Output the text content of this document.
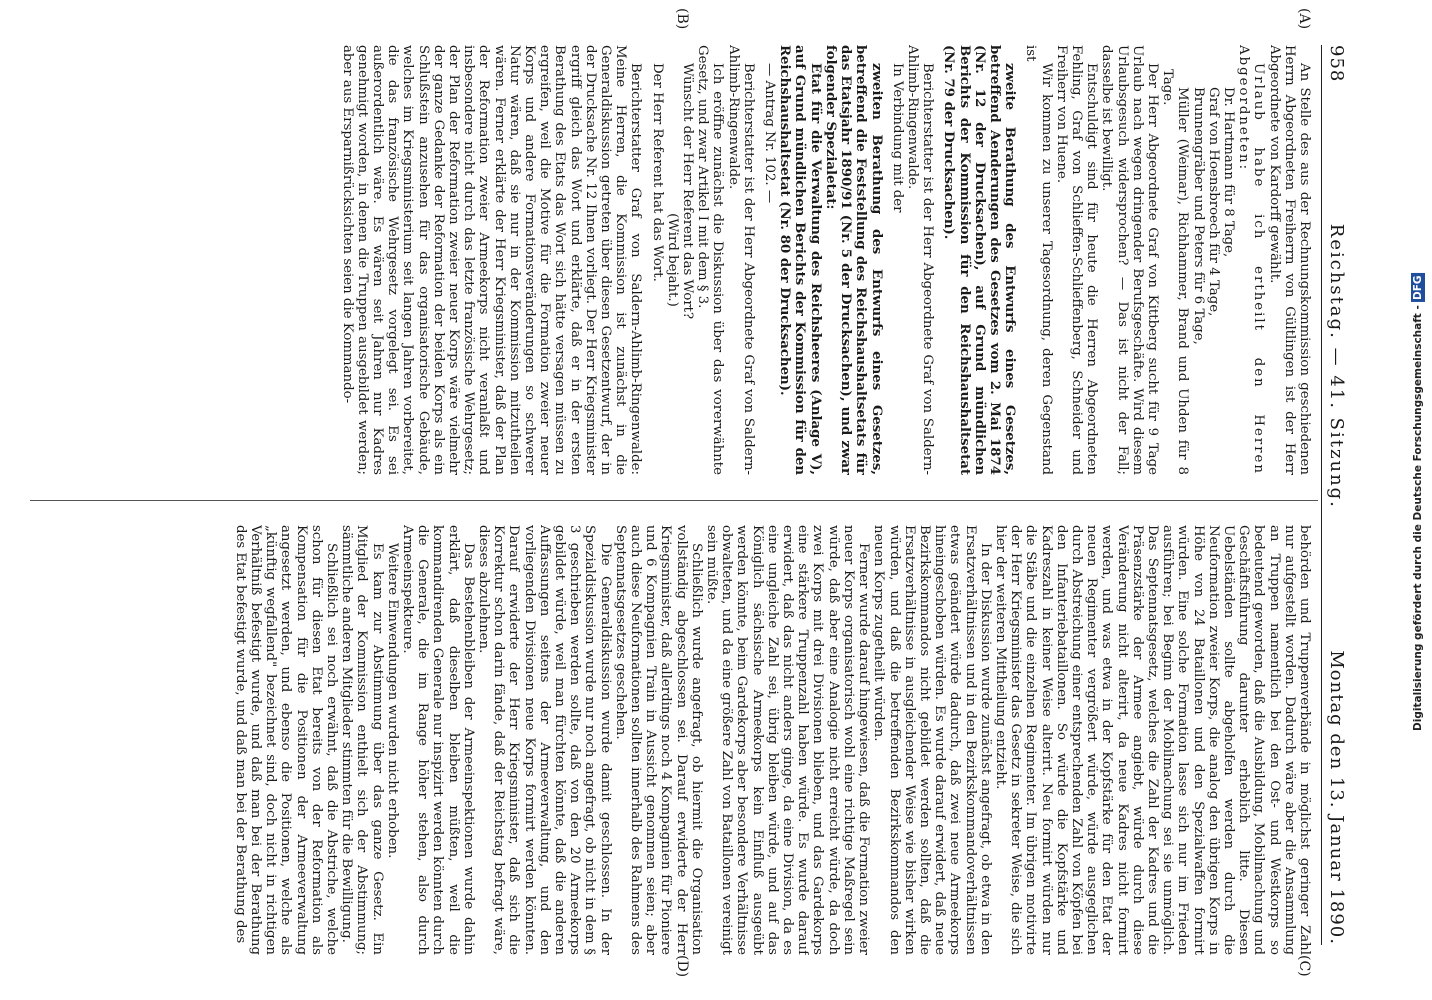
958
Reichstag. — 41. Sitzung.
Montag den 13. Januar 1890.
(A)
(B)
(C)
(D)

An Stelle des aus der Rechnungskommission geschiedenen Herrn Abgeordneten Freiherrn von Gültlingen ist der Herr Abgeordnete von Kardorff gewählt.

Urlaub habe ich ertheilt den Herren Abgeordneten:

Dr. Hartmann für 8 Tage,

Graf von Hoensbroech für 4 Tage,

Brunnengräber und Peters für 6 Tage,

Müller (Weimar), Richhammer, Brand und Uhden für 8 Tage.

Der Herr Abgeordnete Graf von Kittberg sucht für 9 Tage Urlaub nach wegen dringender Berufsgeschäfte. Wird diesem Urlaubsgesuch widersprochen? — Das ist nicht der Fall; dasselbe ist bewilligt.

Entschuldigt sind für heute die Herren Abgeordneten Fehling, Graf von Schlieffen-Schlieffenberg, Schneider und Freiherr von Huene.

Wir kommen zu unserer Tagesordnung, deren Gegenstand ist

zweite Berathung des Entwurfs eines Gesetzes, betreffend Aenderungen des Gesetzes vom 2. Mai 1874 (Nr. 12 der Drucksachen), auf Grund mündlichen Berichts der Kommission für den Reichshaushaltsetat (Nr. 79 der Drucksachen).

Berichterstatter ist der Herr Abgeordnete Graf von Saldern-Ahlimb-Ringenwalde.

In Verbindung mit der

zweiten Berathung des Entwurfs eines Gesetzes, betreffend die Feststellung des Reichshaushaltsetats für das Etatsjahr 1890/91 (Nr. 5 der Drucksachen), und zwar folgender Spezialetat:

Etat für die Verwaltung des Reichsheeres (Anlage V), auf Grund mündlichen Berichts der Kommission für den Reichshaushaltsetat (Nr. 80 der Drucksachen).

— Antrag Nr. 102. —

Berichterstatter ist der Herr Abgeordnete Graf von Saldern-Ahlimb-Ringenwalde.

Ich eröffne zunächst die Diskussion über das vorerwähnte Gesetz, und zwar Artikel I mit dem § 3.

Wünscht der Herr Referent das Wort?

(Wird bejaht.)

Der Herr Referent hat das Wort.

Berichterstatter Graf von Saldern-Ahlimb-Ringenwalde: Meine Herren, die Kommission ist zunächst in die Generaldiskussion getreten über diesen Gesetzentwurf, der in der Drucksache Nr. 12 Ihnen vorliegt. Der Herr Kriegsminister ergriff gleich das Wort und erklärte, daß er in der ersten Berathung des Etats das Wort sich hätte versagen müssen zu ergreifen, weil die Motive für die Formation zweier neuer Korps und andere Formationsveränderungen so schwerer Natur wären, daß sie nur in der Kommission mitzutheilen wären. Ferner erklärte der Herr Kriegsminister, daß der Plan der Reformation zweier Armeekorps nicht veranlaßt und insbesondere nicht durch das letzte französische Wehrgesetz; der Plan der Reformation zweier neuer Korps wäre vielmehr der ganze Gedanke der Reformation der beiden Korps als ein Schlußstein anzusehen für das organisatorische Gebäude, welches im Kriegsministerium seit langen Jahren vorbereitet, die das französische Wehrgesetz vorgelegt sei. Es sei außerordentlich wäre. Es wären seit Jahren nur Kadres genehmigt worden, in denen die Truppen ausgebildet werden; aber aus Ersparnißrücksichten seien die Kommando-

behörden und Truppenverbände in möglichst geringer Zahl nur aufgestellt worden. Dadurch wäre aber die Ansammlung an Truppen namentlich bei den Ost- und Westkorps so bedeutend geworden, daß die Ausbildung, Mobilmachung und Geschäftsführung darunter erheblich litte. Diesen Uebelständen sollte abgeholfen werden durch die Neuformation zweier Korps, die analog den übrigen Korps in Höhe von 24 Bataillonen und den Spezialwaffen formirt würden. Eine solche Formation lasse sich nur im Frieden ausführen; bei Beginn der Mobilmachung sei sie unmöglich. Das Septennatsgesetz, welches die Zahl der Kadres und die Präsenzstärke der Armee angiebt, würde durch diese Veränderung nicht alterirt, da neue Kadres nicht formirt werden, und was etwa in der Kopfstärke für den Etat der neuen Regimenter vergrößert würde, würde ausgeglichen durch Abstreichung einer entsprechenden Zahl von Köpfen bei den Infanteriebataillonen. So würde die Kopfstärke und Kadreszahl in keiner Weise alterirt. Neu formirt würden nur die Stäbe und die einzelnen Regimenter. Im übrigen motivirte der Herr Kriegsminister das Gesetz in sekreter Weise, die sich hier der weiteren Mittheilung entzieht.

In der Diskussion wurde zunächst angefragt, ob etwa in den Ersatzverhältnissen und in den Bezirkskommandoverhältnissen etwas geändert würde dadurch, daß zwei neue Armeekorps hineingeschoben würden. Es wurde darauf erwidert, daß neue Bezirkskommandos nicht gebildet werden sollten, daß die Ersatzverhältnisse in ausgleichender Weise wie bisher wirken würden, und daß die betreffenden Bezirkskommandos den neuen Korps zugetheilt würden.

Ferner wurde darauf hingewiesen, daß die Formation zweier neuer Korps organisatorisch wohl eine richtige Maßregel sein würde, daß aber eine Analogie nicht erreicht würde, da doch zwei Korps mit drei Divisionen blieben, und das Gardekorps eine stärkere Truppenzahl haben würde. Es wurde darauf erwidert, daß das nicht anders ginge, da eine Division, da es eine ungleiche Zahl sei, übrig bleiben würde, und auf das Königlich sächsische Armeekorps kein Einfluß ausgeübt werden könnte, beim Gardekorps aber besondere Verhältnisse obwalteten, und da eine größere Zahl von Bataillonen vereinigt sein müßte.

Schließlich wurde angefragt, ob hiermit die Organisation vollständig abgeschlossen sei. Darauf erwiderte der Herr Kriegsminister, daß allerdings noch 4 Kompagnien für Pioniere und 6 Kompagnien Train in Aussicht genommen seien; aber auch diese Neuformationen sollten innerhalb des Rahmens des Septennatsgesetzes geschehen.

Die Generaldiskussion wurde damit geschlossen. In der Spezialdiskussion wurde nur noch angefragt, ob nicht in dem § 3 geschrieben werden sollte, daß von den 20 Armeekorps gebildet würde, weil man fürchten könnte, daß die anderen Auffassungen seitens der Armeeverwaltung, und den vorliegenden Divisionen neue Korps formirt werden könnten. Darauf erwiderte der Herr Kriegsminister, daß sich die Korrektur schon darin fände, daß der Reichstag befragt wäre, dieses abzulehnen.

Das Bestehenbleiben der Armeeinspektionen wurde dahin erklärt, daß dieselben bleiben müßten, weil die kommandirenden Generale nur inspizirt werden könnten durch die Generale, die im Range höher stehen, also durch Armeeinspekteure.

Weitere Einwendungen wurden nicht erhoben.

Es kam zur Abstimmung über das ganze Gesetz. Ein Mitglied der Kommission enthielt sich der Abstimmung; sämmtliche anderen Mitglieder stimmten für die Bewilligung.

Schließlich sei noch erwähnt, daß die Abstriche, welche schon für diesen Etat bereits von der Reformation als Kompensation für die Positionen der Armeeverwaltung angesetzt werden, und ebenso die Positionen, welche als „künftig wegfallend" bezeichnet sind, doch nicht in richtigen Verhältniß befestigt wurde, und daß man bei der Berathung des Etat befestigt wurde, und daß man bei der Berathung des

Digitalisierung gefördert durch die Deutsche Forschungsgemeinschaft - DFG
